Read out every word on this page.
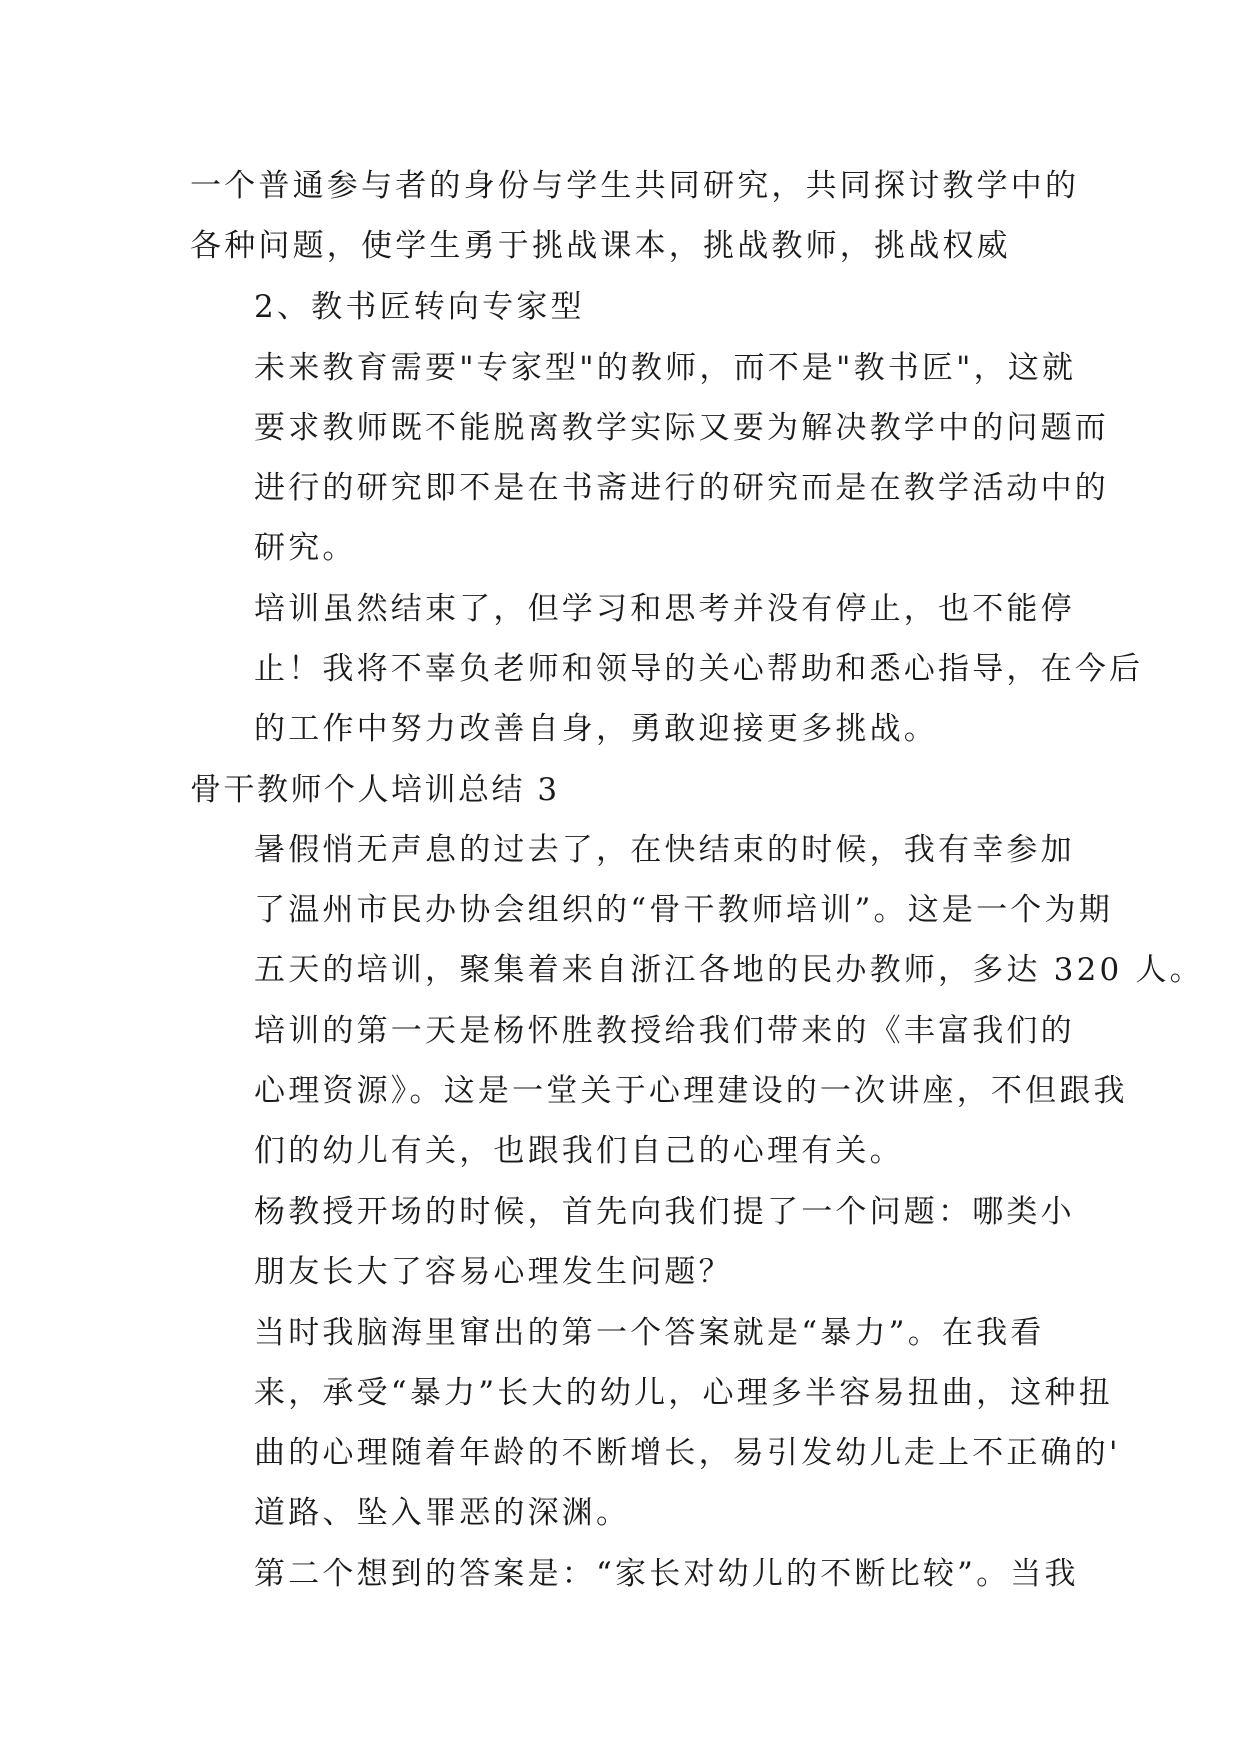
一个普通参与者的身份与学生共同研究，共同探讨教学中的
各种问题，使学生勇于挑战课本，挑战教师，挑战权威

2、教书匠转向专家型

未来教育需要"专家型"的教师，而不是"教书匠"，这就
要求教师既不能脱离教学实际又要为解决教学中的问题而
进行的研究即不是在书斋进行的研究而是在教学活动中的
研究。

培训虽然结束了，但学习和思考并没有停止，也不能停
止！我将不辜负老师和领导的关心帮助和悉心指导，在今后
的工作中努力改善自身，勇敢迎接更多挑战。

骨干教师个人培训总结 3

暑假悄无声息的过去了，在快结束的时候，我有幸参加
了温州市民办协会组织的“骨干教师培训”。这是一个为期
五天的培训，聚集着来自浙江各地的民办教师，多达 320 人。

培训的第一天是杨怀胜教授给我们带来的《丰富我们的
心理资源》。这是一堂关于心理建设的一次讲座，不但跟我
们的幼儿有关，也跟我们自己的心理有关。

杨教授开场的时候，首先向我们提了一个问题：哪类小
朋友长大了容易心理发生问题？

当时我脑海里窜出的第一个答案就是“暴力”。在我看
来，承受“暴力”长大的幼儿，心理多半容易扭曲，这种扭
曲的心理随着年龄的不断增长，易引发幼儿走上不正确的'
道路、坠入罪恶的深渊。

第二个想到的答案是：“家长对幼儿的不断比较”。当我
